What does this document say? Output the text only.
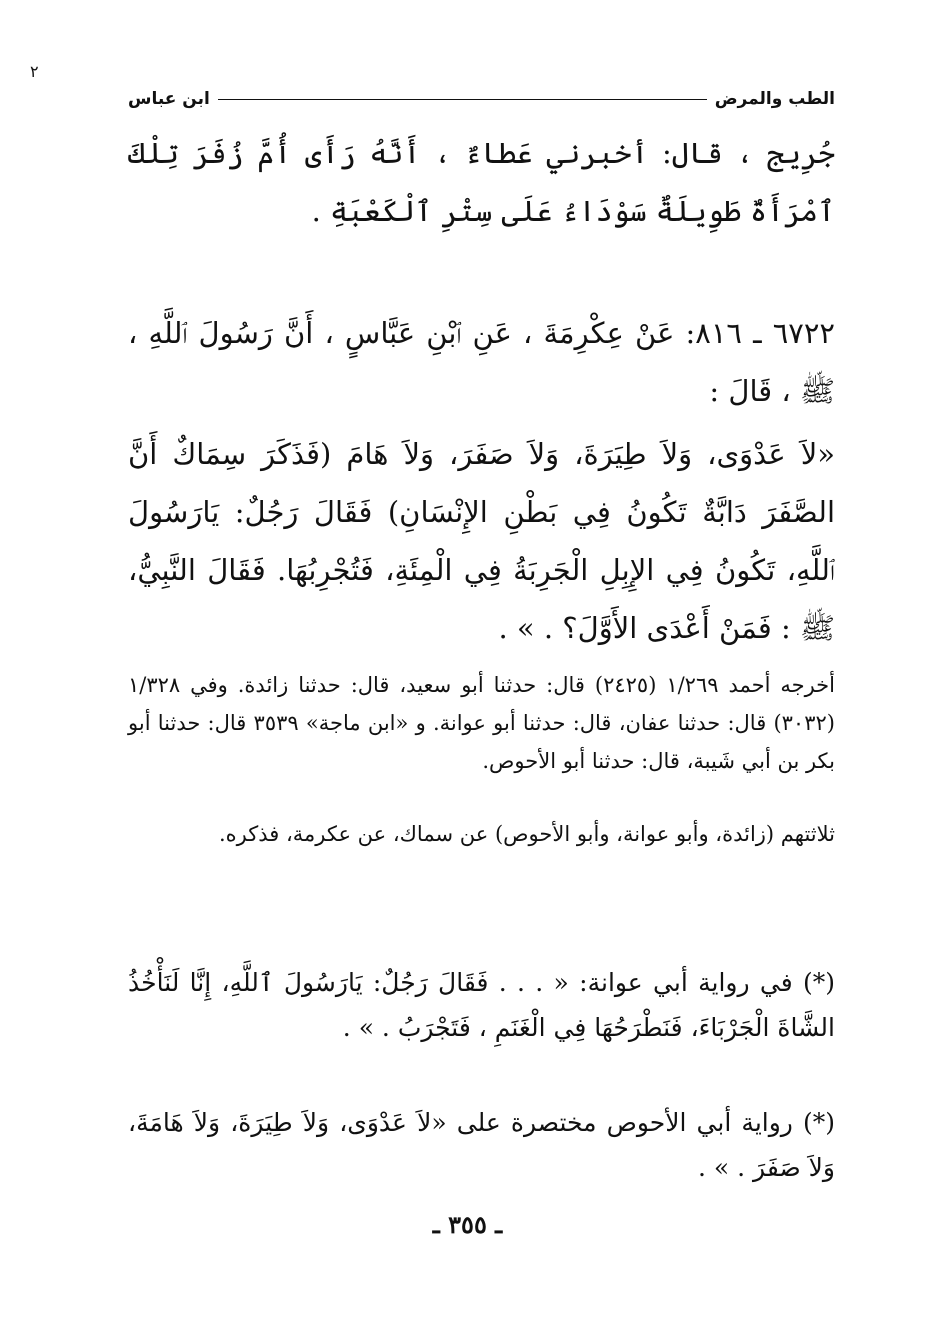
٢
الطب والمرض
ابن عباس
جُرِيج ، قال: أخبرني عَطاءٌ ، أَنَّهُ رَأَى أُمَّ زُفَرَ تِلْكَ ٱمْرَأَةٌ طَوِيلَةٌ سَوْدَاءُ عَلَى سِتْرِ ٱلْكَعْبَةِ .
٦٧٢٢ ـ ٨١٦: عَنْ عِكْرِمَةَ ، عَنِ ٱبْنِ عَبَّاسٍ ، أَنَّ رَسُولَ ٱللَّهِ ، ﷺ ، قَالَ :
«لاَ عَدْوَى، وَلاَ طِيَرَةَ، وَلاَ صَفَرَ، وَلاَ هَامَ (فَذَكَرَ سِمَاكٌ أَنَّ الصَّفَرَ دَابَّةٌ تَكُونُ فِي بَطْنِ الإِنْسَانِ) فَقَالَ رَجُلٌ: يَارَسُولَ ٱللَّهِ، تَكُونُ فِي الإِبِلِ الْجَرِبَةُ فِي الْمِئَةِ، فَتُجْرِبُهَا. فَقَالَ النَّبِيُّ، ﷺ : فَمَنْ أَعْدَى الأَوَّلَ؟ . » .
أخرجه أحمد ١/٢٦٩ (٢٤٢٥) قال: حدثنا أبو سعيد، قال: حدثنا زائدة. وفي ١/٣٢٨ (٣٠٣٢) قال: حدثنا عفان، قال: حدثنا أبو عوانة. و «ابن ماجة» ٣٥٣٩ قال: حدثنا أبو بكر بن أبي شَيبة، قال: حدثنا أبو الأحوص.
ثلاثتهم (زائدة، وأبو عوانة، وأبو الأحوص) عن سماك، عن عكرمة، فذكره.
(*) في رواية أبي عوانة: « . . . فَقَالَ رَجُلٌ: يَارَسُولَ ٱللَّهِ، إِنَّا لَنَأْخُذُ الشَّاةَ الْجَرْبَاءَ، فَنَطْرَحُهَا فِي الْغَنَمِ ، فَتَجْرَبُ . » .
(*) رواية أبي الأحوص مختصرة على «لاَ عَدْوَى، وَلاَ طِيَرَةَ، وَلاَ هَامَةَ، وَلاَ صَفَرَ . » .
ـ ٣٥٥ ـ
